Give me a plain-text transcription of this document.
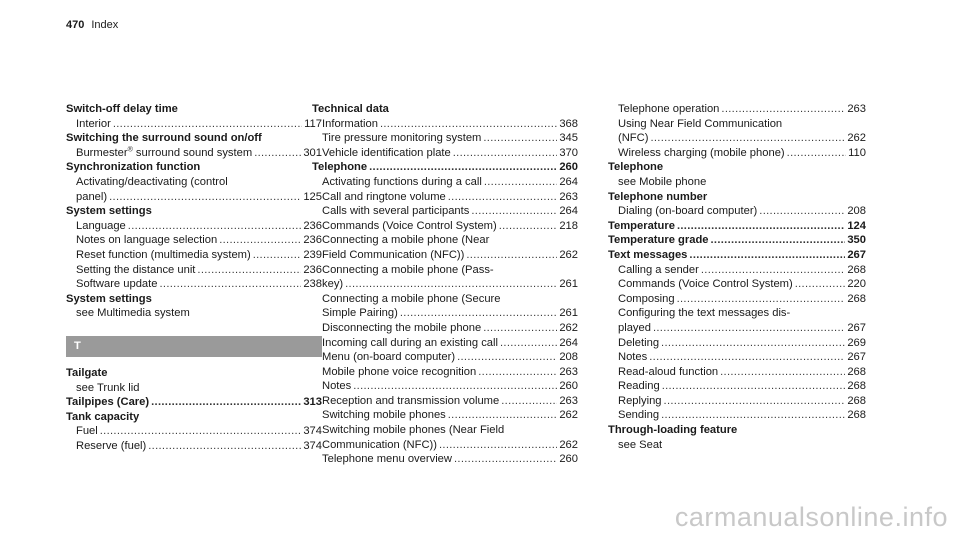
470 Index
Switch-off delay time
Interior . . .	117
Switching the surround sound on/off
Burmester® surround sound system . . .	301
Synchronization function
Activating/deactivating (control
panel) . . .	125
System settings
Language . . .	236
Notes on language selection . . .	236
Reset function (multimedia system) . . .	239
Setting the distance unit . . .	236
Software update . . .	238
System settings
see Multimedia system
T
Tailgate
see Trunk lid
Tailpipes (Care) . . .	313
Tank capacity
Fuel . . .	374
Reserve (fuel) . . .	374
Technical data
Information . . .	368
Tire pressure monitoring system . . .	345
Vehicle identification plate . . .	370
Telephone . . .	260
Activating functions during a call . . .	264
Call and ringtone volume . . .	263
Calls with several participants . . .	264
Commands (Voice Control System) . . .	218
Connecting a mobile phone (Near
Field Communication (NFC)) . . .	262
Connecting a mobile phone (Pass-
key) . . .	261
Connecting a mobile phone (Secure
Simple Pairing) . . .	261
Disconnecting the mobile phone . . .	262
Incoming call during an existing call . . .	264
Menu (on-board computer) . . .	208
Mobile phone voice recognition . . .	263
Notes . . .	260
Reception and transmission volume . . .	263
Switching mobile phones . . .	262
Switching mobile phones (Near Field
Communication (NFC)) . . .	262
Telephone menu overview . . .	260
Telephone operation . . .	263
Using Near Field Communication
(NFC) . . .	262
Wireless charging (mobile phone) . . .	110
Telephone
see Mobile phone
Telephone number
Dialing (on-board computer) . . .	208
Temperature . . .	124
Temperature grade . . .	350
Text messages . . .	267
Calling a sender . . .	268
Commands (Voice Control System) . . .	220
Composing . . .	268
Configuring the text messages dis-
played . . .	267
Deleting . . .	269
Notes . . .	267
Read-aloud function . . .	268
Reading . . .	268
Replying . . .	268
Sending . . .	268
Through-loading feature
see Seat
carmanualsonline.info
